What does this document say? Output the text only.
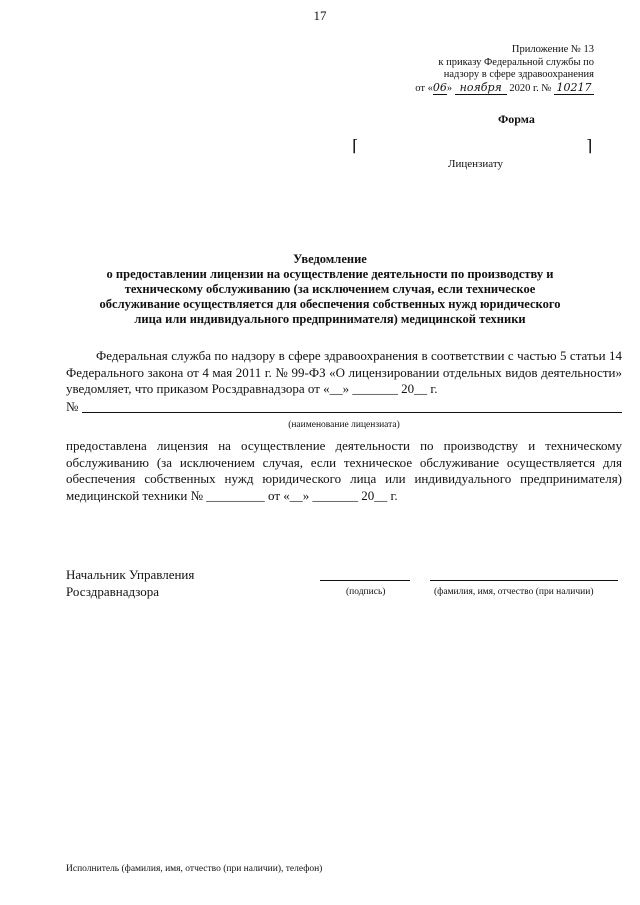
17
Приложение № 13
к приказу Федеральной службы по
надзору в сфере здравоохранения
от «06» ноября 2020 г. № 10217
Форма
⌈	⌉
Лицензиату
Уведомление
о предоставлении лицензии на осуществление деятельности по производству и
техническому обслуживанию (за исключением случая, если техническое
обслуживание осуществляется для обеспечения собственных нужд юридического
лица или индивидуального предпринимателя) медицинской техники
Федеральная служба по надзору в сфере здравоохранения в соответствии с частью 5 статьи 14 Федерального закона от 4 мая 2011 г. № 99-ФЗ «О лицензировании отдельных видов деятельности» уведомляет, что приказом Росздравнадзора от «__» _______ 20__ г.
№
(наименование лицензиата)
предоставлена лицензия на осуществление деятельности по производству и техническому обслуживанию (за исключением случая, если техническое обслуживание осуществляется для обеспечения собственных нужд юридического лица или индивидуального предпринимателя) медицинской техники № _________ от «__» _______ 20__ г.
Начальник Управления
Росздравнадзора	(подпись)	(фамилия, имя, отчество (при наличии)
Исполнитель (фамилия, имя, отчество (при наличии), телефон)
